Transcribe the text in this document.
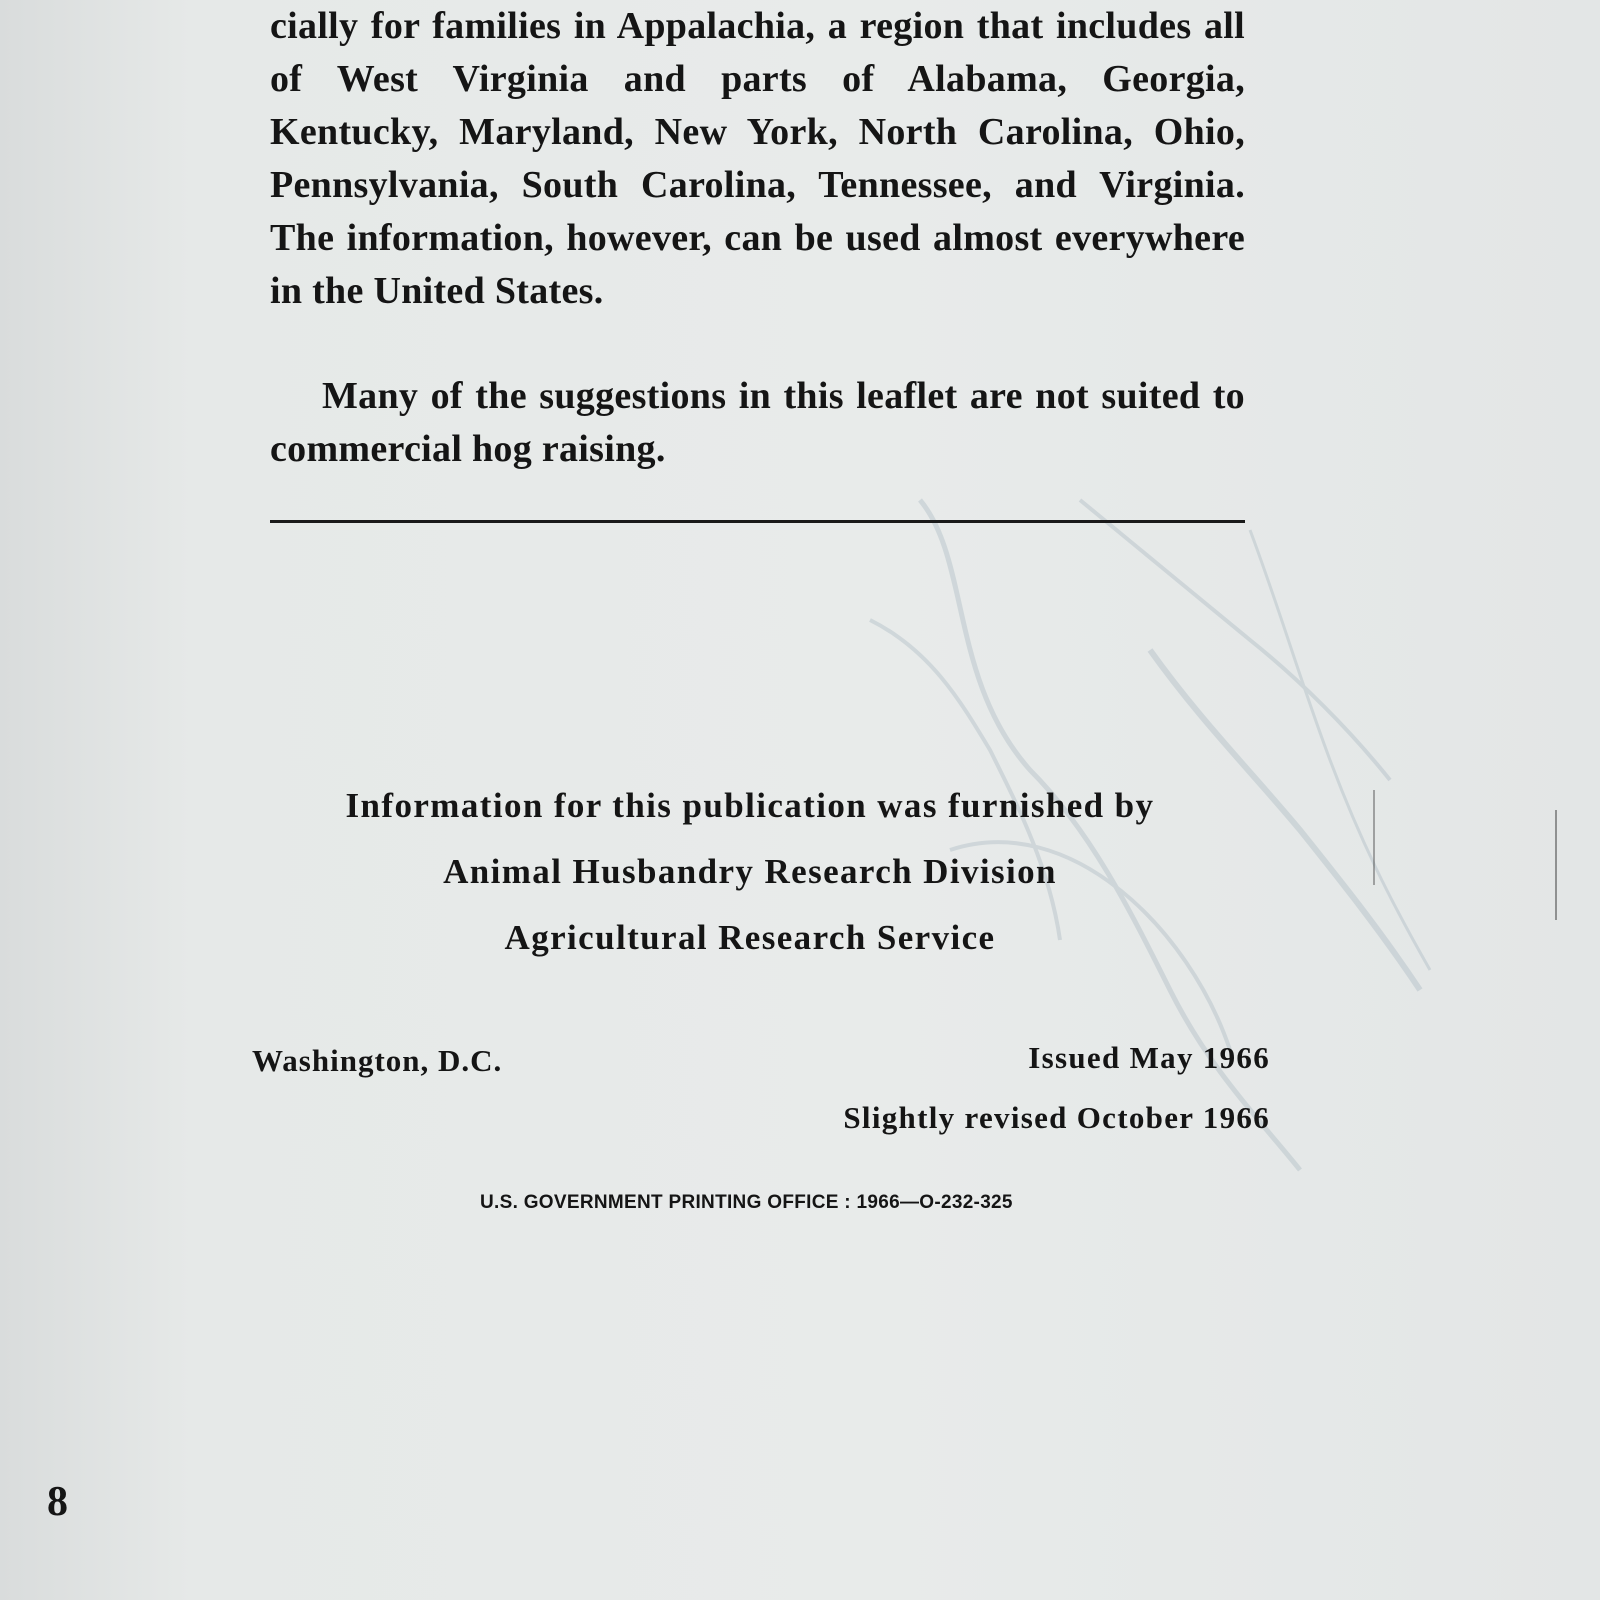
cially for families in Appalachia, a region that includes all of West Virginia and parts of Alabama, Georgia, Kentucky, Maryland, New York, North Carolina, Ohio, Pennsylvania, South Carolina, Tennessee, and Virginia. The information, however, can be used almost everywhere in the United States.

Many of the suggestions in this leaflet are not suited to commercial hog raising.

Information for this publication was furnished by
Animal Husbandry Research Division
Agricultural Research Service
Washington, D.C.	Issued May 1966
Slightly revised October 1966
U.S. GOVERNMENT PRINTING OFFICE : 1966—O-232-325
8
